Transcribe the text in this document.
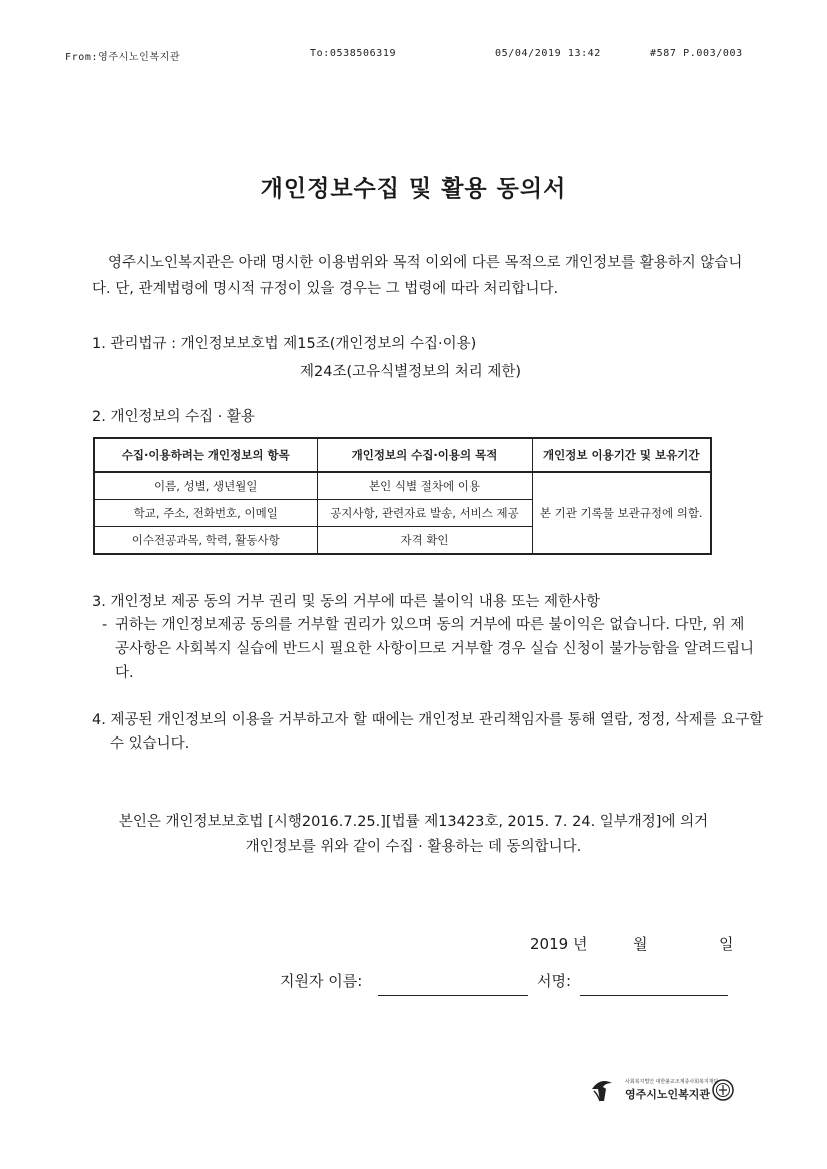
From:영주시노인복지관	To:0538506319	05/04/2019 13:42	#587 P.003/003
개인정보수집 및 활용 동의서

영주시노인복지관은 아래 명시한 이용범위와 목적 이외에 다른 목적으로 개인정보를 활용하지 않습니다. 단, 관계법령에 명시적 규정이 있을 경우는 그 법령에 따라 처리합니다.

1. 관리법규 : 개인정보보호법 제15조(개인정보의 수집·이용)

제24조(고유식별정보의 처리 제한)

2. 개인정보의 수집 · 활용

수집·이용하려는 개인정보의 항목	개인정보의 수집·이용의 목적	개인정보 이용기간 및 보유기간
이름, 성별, 생년월일	본인 식별 절차에 이용	본 기관 기록물 보관규정에 의함.
학교, 주소, 전화번호, 이메일	공지사항, 관련자료 발송, 서비스 제공	
이수전공과목, 학력, 활동사항	자격 확인	

3. 개인정보 제공 동의 거부 권리 및 동의 거부에 따른 불이익 내용 또는 제한사항

- 귀하는 개인정보제공 동의를 거부할 권리가 있으며 동의 거부에 따른 불이익은 없습니다. 다만, 위 제공사항은 사회복지 실습에 반드시 필요한 사항이므로 거부할 경우 실습 신청이 불가능함을 알려드립니다.

4. 제공된 개인정보의 이용을 거부하고자 할 때에는 개인정보 관리책임자를 통해 열람, 정정, 삭제를 요구할 수 있습니다.

본인은 개인정보보호법 [시행2016.7.25.][법률 제13423호, 2015. 7. 24. 일부개정]에 의거

개인정보를 위와 같이 수집 · 활용하는 데 동의합니다.

2019 년	월	일
지원자 이름:	서명:
사회복지법인 대한불교조계종사회복지재단
영주시노인복지관
